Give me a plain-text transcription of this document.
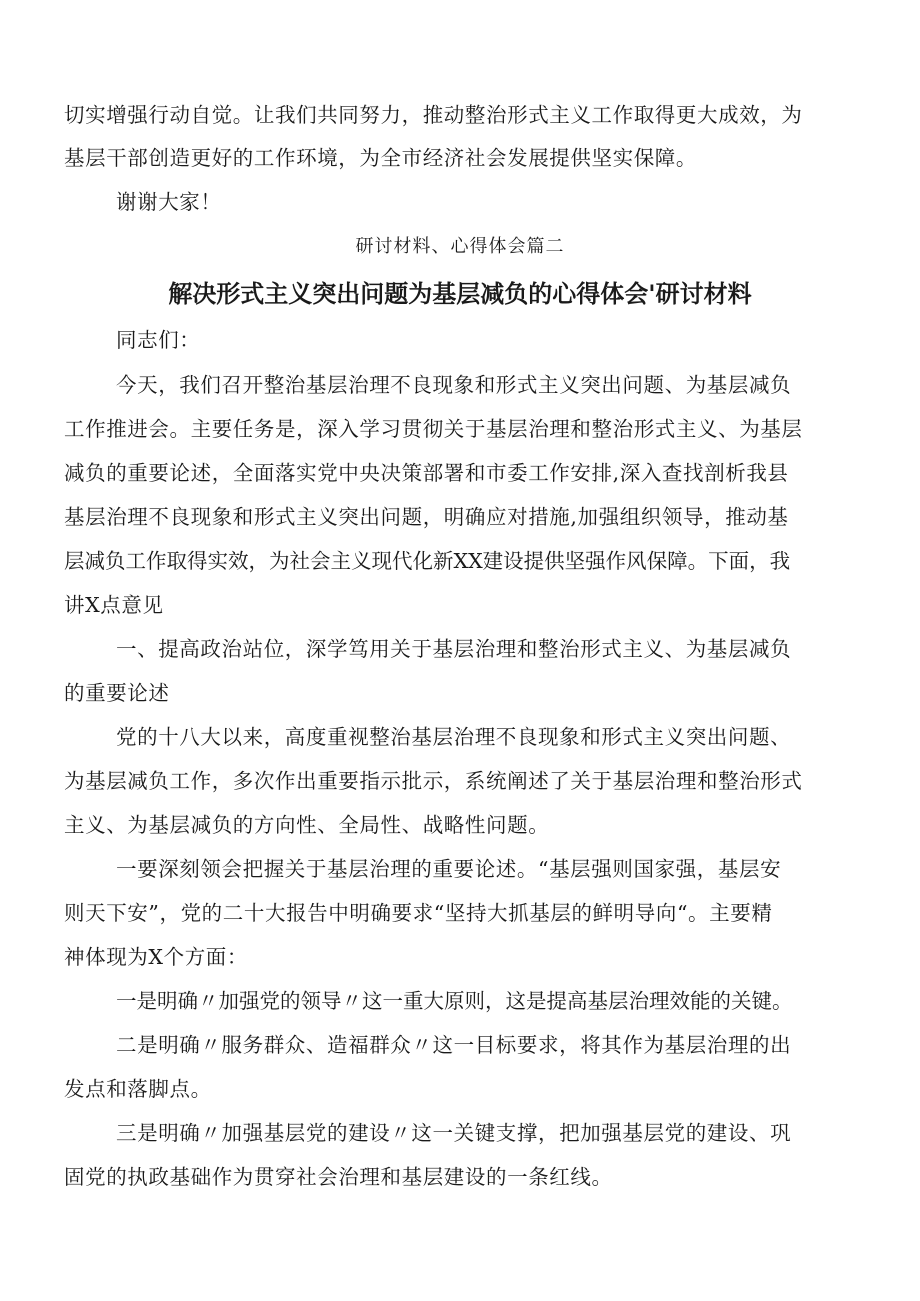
切实增强行动自觉。让我们共同努力，推动整治形式主义工作取得更大成效，为
基层干部创造更好的工作环境，为全市经济社会发展提供坚实保障。
谢谢大家！
研讨材料、心得体会篇二
解决形式主义突出问题为基层减负的心得体会'研讨材料
同志们：
今天，我们召开整治基层治理不良现象和形式主义突出问题、为基层减负
工作推进会。主要任务是，深入学习贯彻关于基层治理和整治形式主义、为基层
减负的重要论述，全面落实党中央决策部署和市委工作安排,深入查找剖析我县
基层治理不良现象和形式主义突出问题，明确应对措施,加强组织领导，推动基
层减负工作取得实效，为社会主义现代化新XX建设提供坚强作风保障。下面，我
讲X点意见
一、提高政治站位，深学笃用关于基层治理和整治形式主义、为基层减负
的重要论述
党的十八大以来，高度重视整治基层治理不良现象和形式主义突出问题、
为基层减负工作，多次作出重要指示批示，系统阐述了关于基层治理和整治形式
主义、为基层减负的方向性、全局性、战略性问题。
一要深刻领会把握关于基层治理的重要论述。“基层强则国家强，基层安
则天下安”，党的二十大报告中明确要求“坚持大抓基层的鲜明导向“。主要精
神体现为X个方面：
一是明确〃加强党的领导〃这一重大原则，这是提高基层治理效能的关键。
二是明确〃服务群众、造福群众〃这一目标要求，将其作为基层治理的出
发点和落脚点。
三是明确〃加强基层党的建设〃这一关键支撑，把加强基层党的建设、巩
固党的执政基础作为贯穿社会治理和基层建设的一条红线。
